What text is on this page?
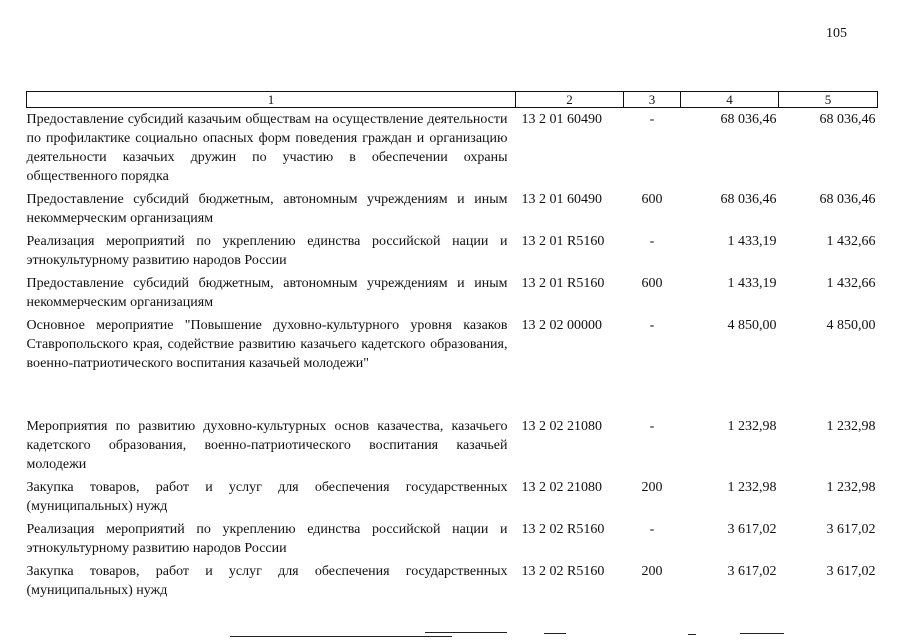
105
1	2	3	4	5
Предоставление субсидий казачьим обществам на осуществление деятельности по профилактике социально опасных форм поведения граждан и организацию деятельности казачьих дружин по участию в обеспечении охраны общественного порядка	13 2 01 60490	-	68 036,46	68 036,46
Предоставление субсидий бюджетным, автономным учреждениям и иным некоммерческим организациям	13 2 01 60490	600	68 036,46	68 036,46
Реализация мероприятий по укреплению единства российской нации и этнокультурному развитию народов России	13 2 01 R5160	-	1 433,19	1 432,66
Предоставление субсидий бюджетным, автономным учреждениям и иным некоммерческим организациям	13 2 01 R5160	600	1 433,19	1 432,66
Основное мероприятие "Повышение духовно-культурного уровня казаков Ставропольского края, содействие развитию казачьего кадетского образования, военно-патриотического воспитания казачьей молодежи"	13 2 02 00000	-	4 850,00	4 850,00

Мероприятия по развитию духовно-культурных основ казачества, казачьего кадетского образования, военно-патриотического воспитания казачьей молодежи	13 2 02 21080	-	1 232,98	1 232,98
Закупка товаров, работ и услуг для обеспечения государственных (муниципальных) нужд	13 2 02 21080	200	1 232,98	1 232,98
Реализация мероприятий по укреплению единства российской нации и этнокультурному развитию народов России	13 2 02 R5160	-	3 617,02	3 617,02
Закупка товаров, работ и услуг для обеспечения государственных (муниципальных) нужд	13 2 02 R5160	200	3 617,02	3 617,02
